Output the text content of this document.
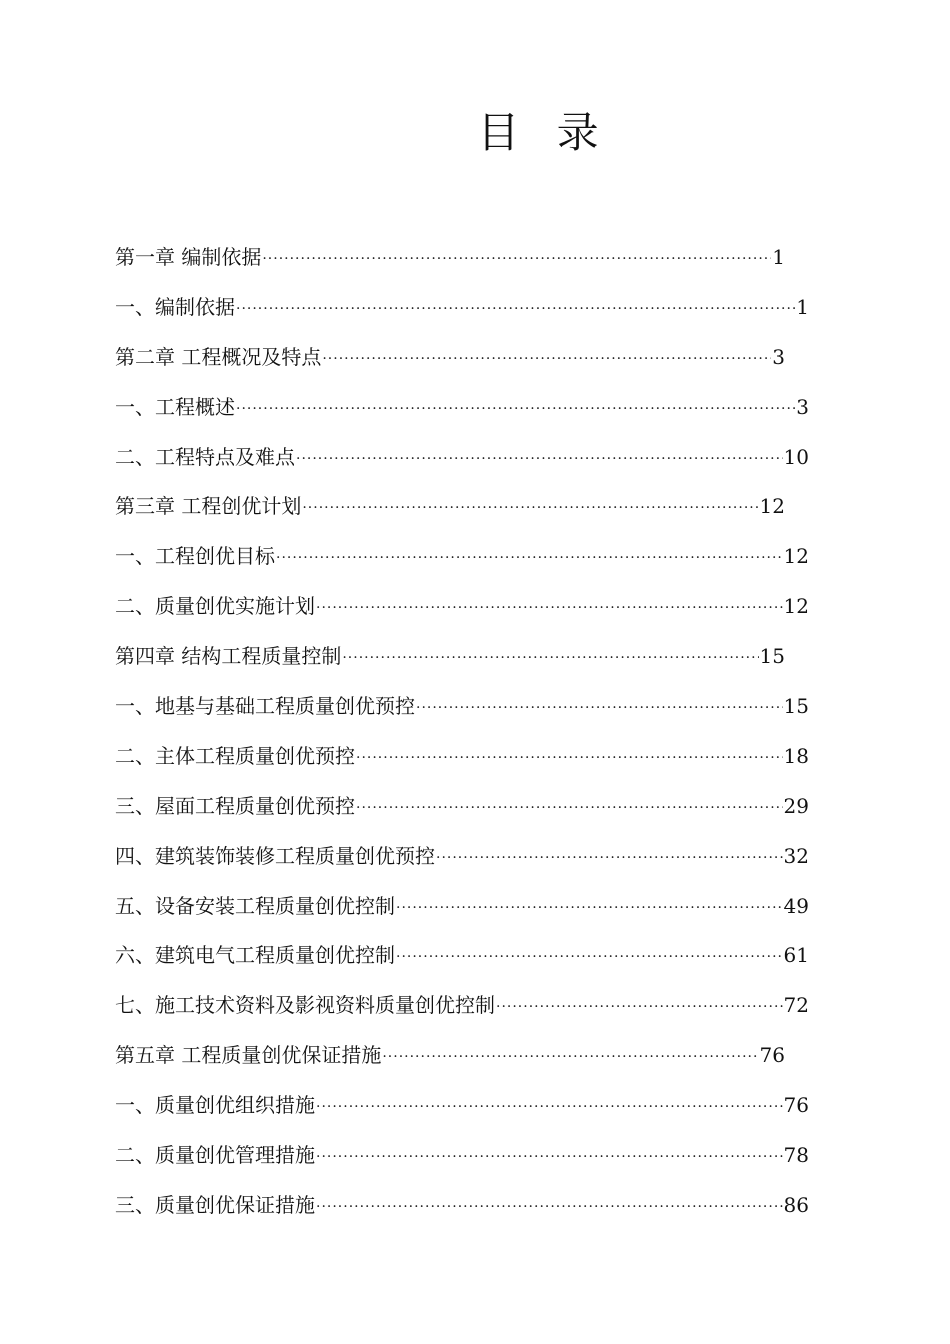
目 录
第一章 编制依据 ·····	1
一、编制依据 ·····	1
第二章 工程概况及特点 ·····	3
一、工程概述 ·····	3
二、工程特点及难点 ·····	10
第三章 工程创优计划 ·····	12
一、工程创优目标 ·····	12
二、质量创优实施计划 ·····	12
第四章 结构工程质量控制 ·····	15
一、地基与基础工程质量创优预控 ·····	15
二、主体工程质量创优预控 ·····	18
三、屋面工程质量创优预控 ·····	29
四、建筑装饰装修工程质量创优预控 ·····	32
五、设备安装工程质量创优控制 ·····	49
六、建筑电气工程质量创优控制 ·····	61
七、施工技术资料及影视资料质量创优控制 ·····	72
第五章 工程质量创优保证措施 ·····	76
一、质量创优组织措施 ·····	76
二、质量创优管理措施 ·····	78
三、质量创优保证措施 ·····	86
